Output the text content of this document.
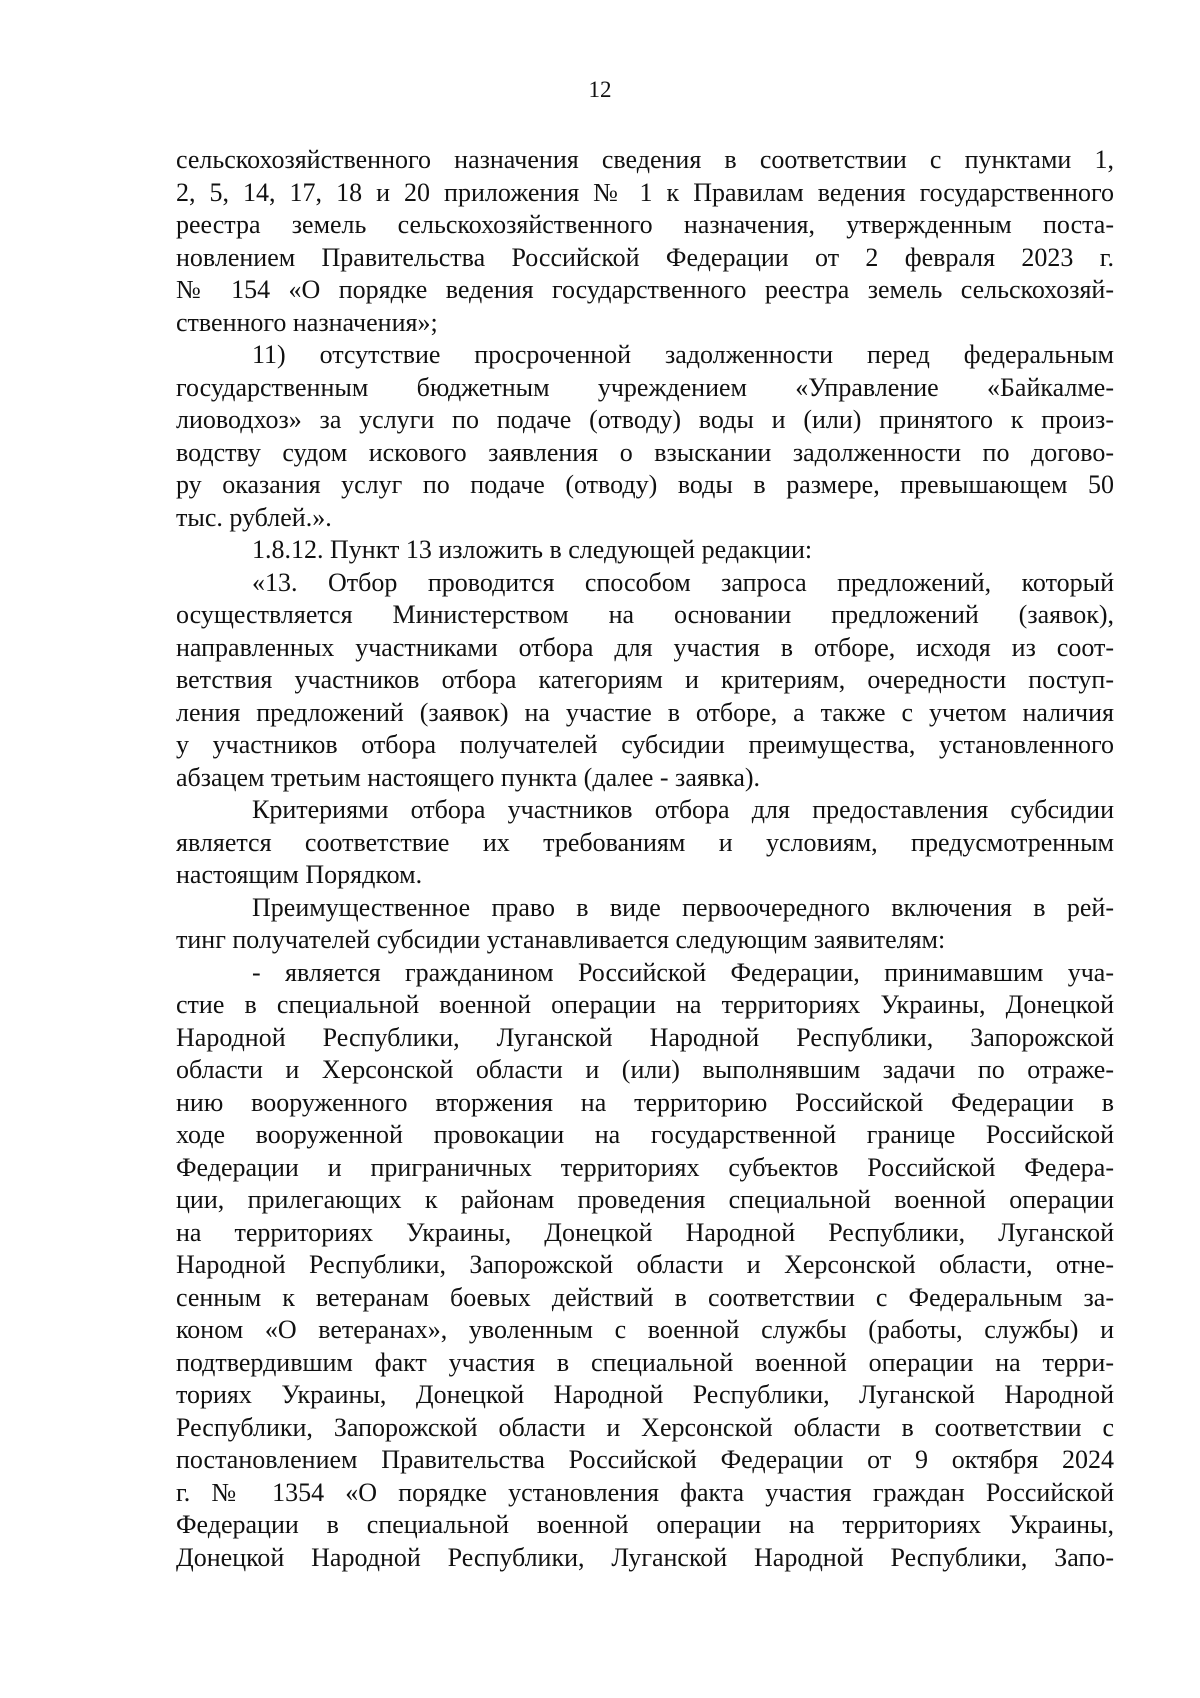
12
сельскохозяйственного назначения сведения в соответствии с пунктами 1,
2, 5, 14, 17, 18 и 20 приложения № 1 к Правилам ведения государственного
реестра земель сельскохозяйственного назначения, утвержденным поста-
новлением Правительства Российской Федерации от 2 февраля 2023 г.
№ 154 «О порядке ведения государственного реестра земель сельскохозяй-
ственного назначения»;
11) отсутствие просроченной задолженности перед федеральным
государственным бюджетным учреждением «Управление «Байкалме-
лиоводхоз» за услуги по подаче (отводу) воды и (или) принятого к произ-
водству судом искового заявления о взыскании задолженности по догово-
ру оказания услуг по подаче (отводу) воды в размере, превышающем 50
тыс. рублей.».
1.8.12. Пункт 13 изложить в следующей редакции:
«13. Отбор проводится способом запроса предложений, который
осуществляется Министерством на основании предложений (заявок),
направленных участниками отбора для участия в отборе, исходя из соот-
ветствия участников отбора категориям и критериям, очередности поступ-
ления предложений (заявок) на участие в отборе, а также с учетом наличия
у участников отбора получателей субсидии преимущества, установленного
абзацем третьим настоящего пункта (далее - заявка).
Критериями отбора участников отбора для предоставления субсидии
является соответствие их требованиям и условиям, предусмотренным
настоящим Порядком.
Преимущественное право в виде первоочередного включения в рей-
тинг получателей субсидии устанавливается следующим заявителям:
- является гражданином Российской Федерации, принимавшим уча-
стие в специальной военной операции на территориях Украины, Донецкой
Народной Республики, Луганской Народной Республики, Запорожской
области и Херсонской области и (или) выполнявшим задачи по отраже-
нию вооруженного вторжения на территорию Российской Федерации в
ходе вооруженной провокации на государственной границе Российской
Федерации и приграничных территориях субъектов Российской Федера-
ции, прилегающих к районам проведения специальной военной операции
на территориях Украины, Донецкой Народной Республики, Луганской
Народной Республики, Запорожской области и Херсонской области, отне-
сенным к ветеранам боевых действий в соответствии с Федеральным за-
коном «О ветеранах», уволенным с военной службы (работы, службы) и
подтвердившим факт участия в специальной военной операции на терри-
ториях Украины, Донецкой Народной Республики, Луганской Народной
Республики, Запорожской области и Херсонской области в соответствии с
постановлением Правительства Российской Федерации от 9 октября 2024
г. № 1354 «О порядке установления факта участия граждан Российской
Федерации в специальной военной операции на территориях Украины,
Донецкой Народной Республики, Луганской Народной Республики, Запо-
